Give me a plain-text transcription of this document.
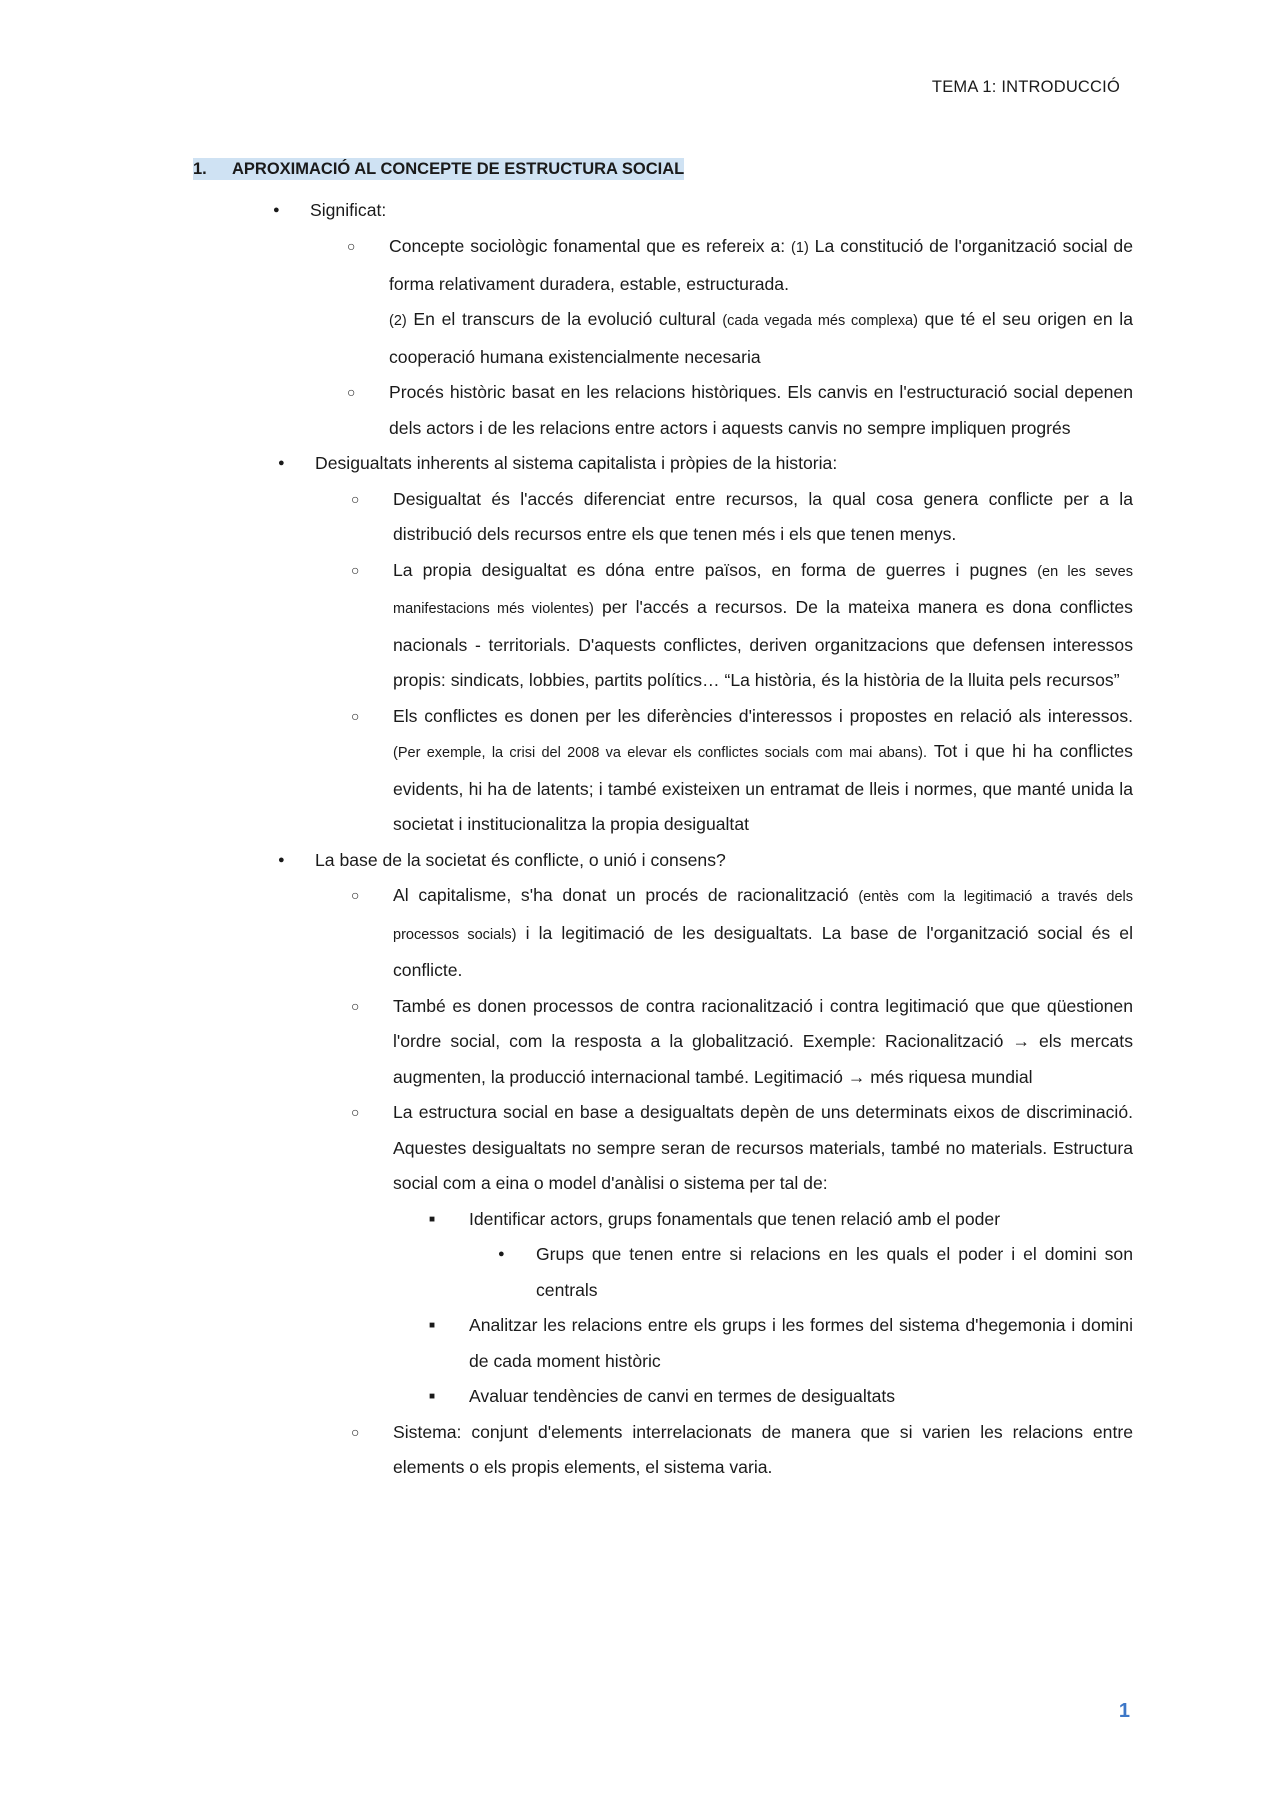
TEMA 1: INTRODUCCIÓ
1. APROXIMACIÓ AL CONCEPTE DE ESTRUCTURA SOCIAL
● Significat:
○ Concepte sociològic fonamental que es refereix a: (1) La constitució de l'organització social de forma relativament duradera, estable, estructurada.
(2) En el transcurs de la evolució cultural (cada vegada més complexa) que té el seu origen en la cooperació humana existencialmente necesaria
○ Procés històric basat en les relacions històriques. Els canvis en l'estructuració social depenen dels actors i de les relacions entre actors i aquests canvis no sempre impliquen progrés
● Desigualtats inherents al sistema capitalista i pròpies de la historia:
○ Desigualtat és l'accés diferenciat entre recursos, la qual cosa genera conflicte per a la distribució dels recursos entre els que tenen més i els que tenen menys.
○ La propia desigualtat es dóna entre països, en forma de guerres i pugnes (en les seves manifestacions més violentes) per l'accés a recursos. De la mateixa manera es dona conflictes nacionals - territorials. D'aquests conflictes, deriven organitzacions que defensen interessos propis: sindicats, lobbies, partits polítics… “La història, és la història de la lluita pels recursos”
○ Els conflictes es donen per les diferències d'interessos i propostes en relació als interessos. (Per exemple, la crisi del 2008 va elevar els conflictes socials com mai abans). Tot i que hi ha conflictes evidents, hi ha de latents; i també existeixen un entramat de lleis i normes, que manté unida la societat i institucionalitza la propia desigualtat
● La base de la societat és conflicte, o unió i consens?
○ Al capitalisme, s'ha donat un procés de racionalització (entès com la legitimació a través dels processos socials) i la legitimació de les desigualtats. La base de l'organització social és el conflicte.
○ També es donen processos de contra racionalització i contra legitimació que que qüestionen l'ordre social, com la resposta a la globalització. Exemple: Racionalització → els mercats augmenten, la producció internacional també. Legitimació → més riquesa mundial
○ La estructura social en base a desigualtats depèn de uns determinats eixos de discriminació. Aquestes desigualtats no sempre seran de recursos materials, també no materials. Estructura social com a eina o model d'anàlisi o sistema per tal de:
■ Identificar actors, grups fonamentals que tenen relació amb el poder
● Grups que tenen entre si relacions en les quals el poder i el domini son centrals
■ Analitzar les relacions entre els grups i les formes del sistema d'hegemonia i domini de cada moment històric
■ Avaluar tendències de canvi en termes de desigualtats
○ Sistema: conjunt d'elements interrelacionats de manera que si varien les relacions entre elements o els propis elements, el sistema varia.
1
